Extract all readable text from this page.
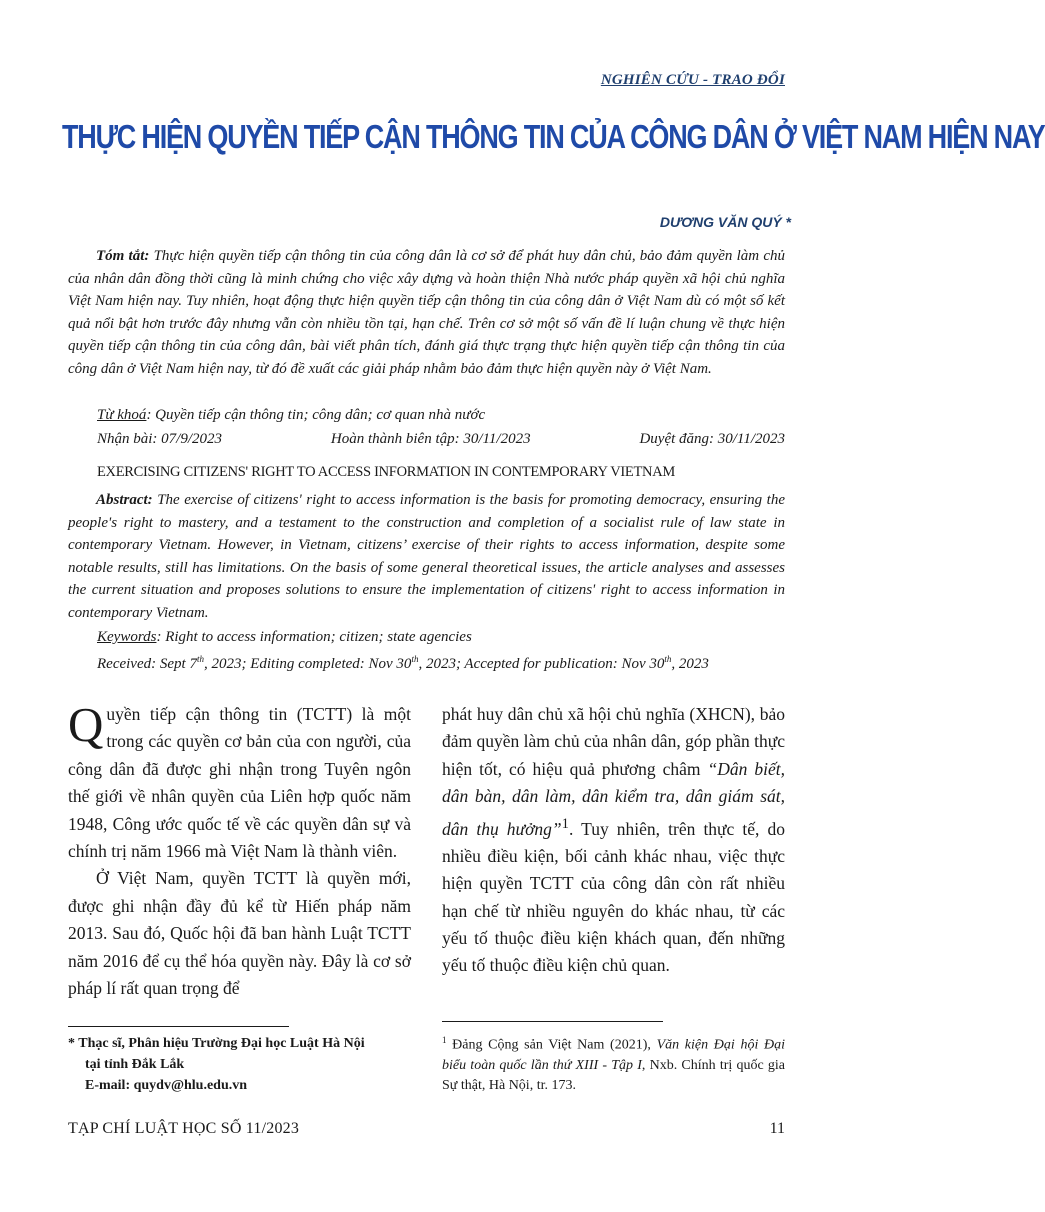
NGHIÊN CỨU - TRAO ĐỔI
THỰC HIỆN QUYỀN TIẾP CẬN THÔNG TIN CỦA CÔNG DÂN Ở VIỆT NAM HIỆN NAY
DƯƠNG VĂN QUÝ *
Tóm tắt: Thực hiện quyền tiếp cận thông tin của công dân là cơ sở để phát huy dân chủ, bảo đảm quyền làm chủ của nhân dân đồng thời cũng là minh chứng cho việc xây dựng và hoàn thiện Nhà nước pháp quyền xã hội chủ nghĩa Việt Nam hiện nay. Tuy nhiên, hoạt động thực hiện quyền tiếp cận thông tin của công dân ở Việt Nam dù có một số kết quả nổi bật hơn trước đây nhưng vẫn còn nhiều tồn tại, hạn chế. Trên cơ sở một số vấn đề lí luận chung về thực hiện quyền tiếp cận thông tin của công dân, bài viết phân tích, đánh giá thực trạng thực hiện quyền tiếp cận thông tin của công dân ở Việt Nam hiện nay, từ đó đề xuất các giải pháp nhằm bảo đảm thực hiện quyền này ở Việt Nam.
Từ khoá: Quyền tiếp cận thông tin; công dân; cơ quan nhà nước
Nhận bài: 07/9/2023	Hoàn thành biên tập: 30/11/2023	Duyệt đăng: 30/11/2023
EXERCISING CITIZENS' RIGHT TO ACCESS INFORMATION IN CONTEMPORARY VIETNAM
Abstract: The exercise of citizens' right to access information is the basis for promoting democracy, ensuring the people's right to mastery, and a testament to the construction and completion of a socialist rule of law state in contemporary Vietnam. However, in Vietnam, citizens’ exercise of their rights to access information, despite some notable results, still has limitations. On the basis of some general theoretical issues, the article analyses and assesses the current situation and proposes solutions to ensure the implementation of citizens' right to access information in contemporary Vietnam.
Keywords: Right to access information; citizen; state agencies
Received: Sept 7th, 2023; Editing completed: Nov 30th, 2023; Accepted for publication: Nov 30th, 2023

Quyền tiếp cận thông tin (TCTT) là một trong các quyền cơ bản của con người, của công dân đã được ghi nhận trong Tuyên ngôn thế giới về nhân quyền của Liên hợp quốc năm 1948, Công ước quốc tế về các quyền dân sự và chính trị năm 1966 mà Việt Nam là thành viên.

Ở Việt Nam, quyền TCTT là quyền mới, được ghi nhận đầy đủ kể từ Hiến pháp năm 2013. Sau đó, Quốc hội đã ban hành Luật TCTT năm 2016 để cụ thể hóa quyền này. Đây là cơ sở pháp lí rất quan trọng để

phát huy dân chủ xã hội chủ nghĩa (XHCN), bảo đảm quyền làm chủ của nhân dân, góp phần thực hiện tốt, có hiệu quả phương châm “Dân biết, dân bàn, dân làm, dân kiểm tra, dân giám sát, dân thụ hưởng”$^1$. Tuy nhiên, trên thực tế, do nhiều điều kiện, bối cảnh khác nhau, việc thực hiện quyền TCTT của công dân còn rất nhiều hạn chế từ nhiều nguyên do khác nhau, từ các yếu tố thuộc điều kiện khách quan, đến những yếu tố thuộc điều kiện chủ quan.

* Thạc sĩ, Phân hiệu Trường Đại học Luật Hà Nội
tại tỉnh Đắk Lắk
E-mail: quydv@hlu.edu.vn
$^1$ Đảng Cộng sản Việt Nam (2021), Văn kiện Đại hội Đại biểu toàn quốc lần thứ XIII - Tập I, Nxb. Chính trị quốc gia Sự thật, Hà Nội, tr. 173.
TẠP CHÍ LUẬT HỌC SỐ 11/2023	11
